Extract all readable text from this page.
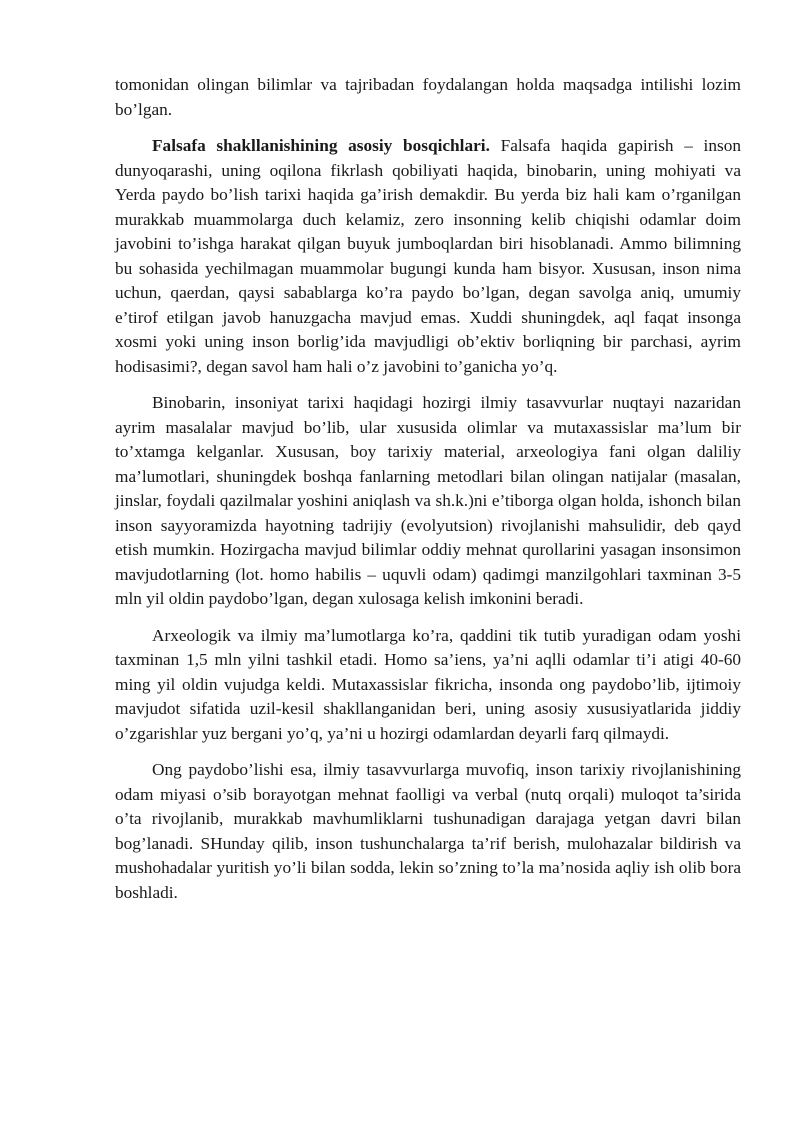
tomonidan olingan bilimlar va tajribadan foydalangan holda maqsadga intilishi lozim bo’lgan.

Falsafa shakllanishining asosiy bosqichlari. Falsafa haqida gapirish – inson dunyoqarashi, uning oqilona fikrlash qobiliyati haqida, binobarin, uning mohiyati va Yerda paydo bo’lish tarixi haqida ga’irish demakdir. Bu yerda biz hali kam o’rganilgan murakkab muammolarga duch kelamiz, zero insonning kelib chiqishi odamlar doim javobini to’ishga harakat qilgan buyuk jumboqlardan biri hisoblanadi. Ammo bilimning bu sohasida yechilmagan muammolar bugungi kunda ham bisyor. Xususan, inson nima uchun, qaerdan, qaysi sabablarga ko’ra paydo bo’lgan, degan savolga aniq, umumiy e’tirof etilgan javob hanuzgacha mavjud emas. Xuddi shuningdek, aql faqat insonga xosmi yoki uning inson borlig’ida mavjudligi ob’ektiv borliqning bir parchasi, ayrim hodisasimi?, degan savol ham hali o’z javobini to’ganicha yo’q.

Binobarin, insoniyat tarixi haqidagi hozirgi ilmiy tasavvurlar nuqtayi nazaridan ayrim masalalar mavjud bo’lib, ular xususida olimlar va mutaxassislar ma’lum bir to’xtamga kelganlar. Xususan, boy tarixiy material, arxeologiya fani olgan daliliy ma’lumotlari, shuningdek boshqa fanlarning metodlari bilan olingan natijalar (masalan, jinslar, foydali qazilmalar yoshini aniqlash va sh.k.)ni e’tiborga olgan holda, ishonch bilan inson sayyoramizda hayotning tadrijiy (evolyutsion) rivojlanishi mahsulidir, deb qayd etish mumkin. Hozirgacha mavjud bilimlar oddiy mehnat qurollarini yasagan insonsimon mavjudotlarning (lot. homo habilis – uquvli odam) qadimgi manzilgohlari taxminan 3-5 mln yil oldin paydobo’lgan, degan xulosaga kelish imkonini beradi.

Arxeologik va ilmiy ma’lumotlarga ko’ra, qaddini tik tutib yuradigan odam yoshi taxminan 1,5 mln yilni tashkil etadi. Homo sa’iens, ya’ni aqlli odamlar ti’i atigi 40-60 ming yil oldin vujudga keldi. Mutaxassislar fikricha, insonda ong paydobo’lib, ijtimoiy mavjudot sifatida uzil-kesil shakllanganidan beri, uning asosiy xususiyatlarida jiddiy o’zgarishlar yuz bergani yo’q, ya’ni u hozirgi odamlardan deyarli farq qilmaydi.

Ong paydobo’lishi esa, ilmiy tasavvurlarga muvofiq, inson tarixiy rivojlanishining odam miyasi o’sib borayotgan mehnat faolligi va verbal (nutq orqali) muloqot ta’sirida o’ta rivojlanib, murakkab mavhumliklarni tushunadigan darajaga yetgan davri bilan bog’lanadi. SHunday qilib, inson tushunchalarga ta’rif berish, mulohazalar bildirish va mushohadalar yuritish yo’li bilan sodda, lekin so’zning to’la ma’nosida aqliy ish olib bora boshladi.
